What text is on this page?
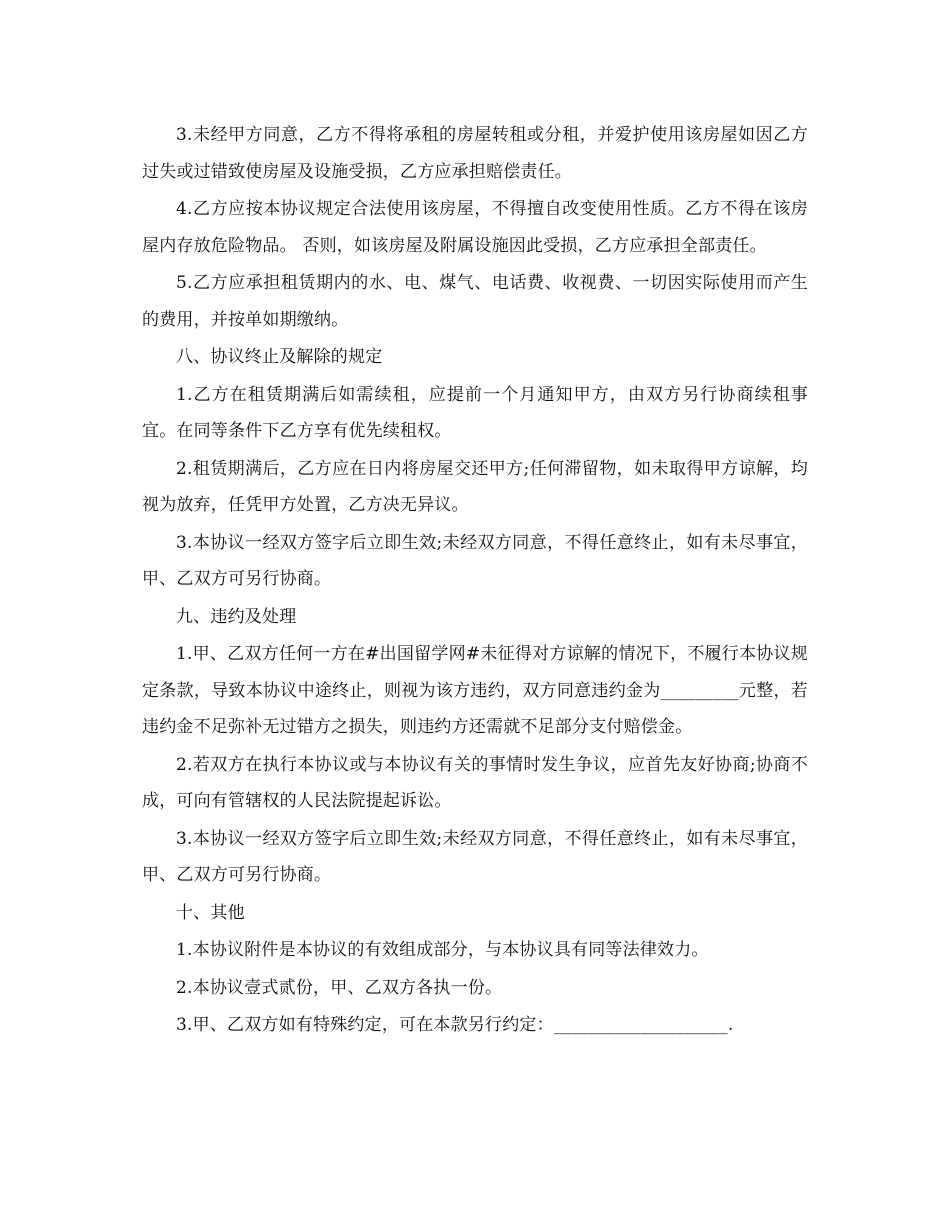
3.未经甲方同意，乙方不得将承租的房屋转租或分租，并爱护使用该房屋如因乙方过失或过错致使房屋及设施受损，乙方应承担赔偿责任。

4.乙方应按本协议规定合法使用该房屋，不得擅自改变使用性质。乙方不得在该房屋内存放危险物品。 否则，如该房屋及附属设施因此受损，乙方应承担全部责任。

5.乙方应承担租赁期内的水、电、煤气、电话费、收视费、一切因实际使用而产生的费用，并按单如期缴纳。

八、协议终止及解除的规定

1.乙方在租赁期满后如需续租，应提前一个月通知甲方，由双方另行协商续租事宜。在同等条件下乙方享有优先续租权。

2.租赁期满后，乙方应在日内将房屋交还甲方;任何滞留物，如未取得甲方谅解，均视为放弃，任凭甲方处置，乙方决无异议。

3.本协议一经双方签字后立即生效;未经双方同意，不得任意终止，如有未尽事宜，甲、乙双方可另行协商。

九、违约及处理

1.甲、乙双方任何一方在#出国留学网#未征得对方谅解的情况下，不履行本协议规定条款，导致本协议中途终止，则视为该方违约，双方同意违约金为_________元整，若违约金不足弥补无过错方之损失，则违约方还需就不足部分支付赔偿金。

2.若双方在执行本协议或与本协议有关的事情时发生争议，应首先友好协商;协商不成，可向有管辖权的人民法院提起诉讼。

3.本协议一经双方签字后立即生效;未经双方同意，不得任意终止，如有未尽事宜，甲、乙双方可另行协商。

十、其他

1.本协议附件是本协议的有效组成部分，与本协议具有同等法律效力。

2.本协议壹式贰份，甲、乙双方各执一份。

3.甲、乙双方如有特殊约定，可在本款另行约定：____________________.
